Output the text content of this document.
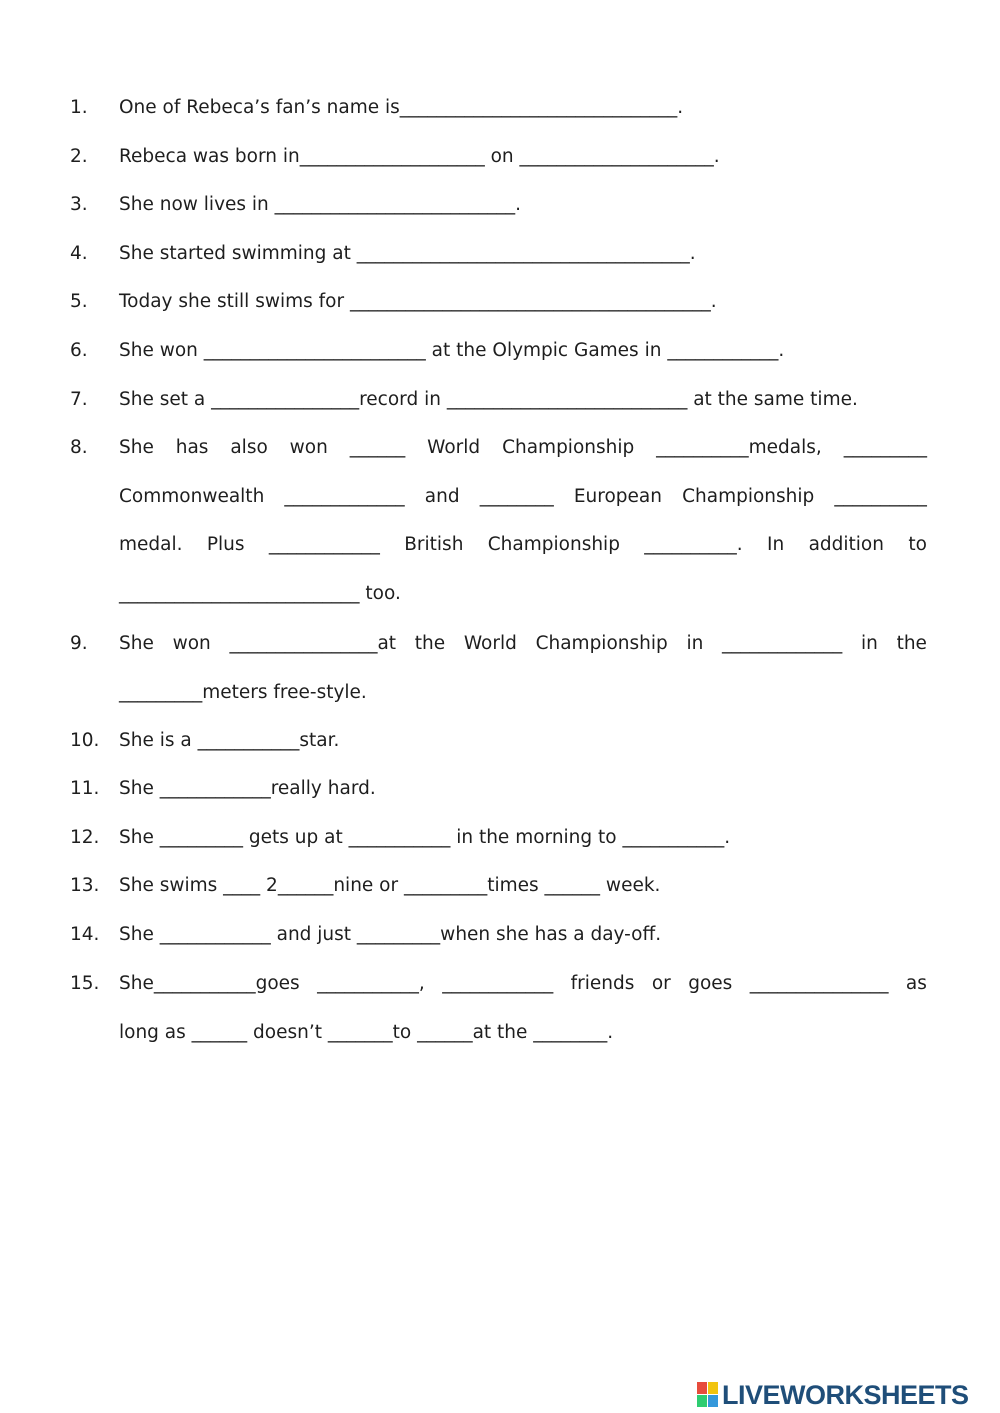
1. One of Rebeca’s fan’s name is______________________________.
2. Rebeca was born in____________________ on _____________________.
3. She now lives in __________________________.
4. She started swimming at ____________________________________.
5. Today she still swims for _______________________________________.
6. She won ________________________ at the Olympic Games in ____________.
7. She set a ________________record in __________________________ at the same time.
8. She has also won ______ World Championship __________medals, _________
Commonwealth _____________ and ________ European Championship __________
medal. Plus ____________ British Championship __________. In addition to
__________________________ too.
9. She won ________________at the World Championship in _____________ in the
_________meters free-style.
10. She is a ___________star.
11. She ____________really hard.
12. She _________ gets up at ___________ in the morning to ___________.
13. She swims ____ 2______nine or _________times ______ week.
14. She ____________ and just _________when she has a day-off.
15. She___________goes ___________, ____________ friends or goes _______________ as
long as ______ doesn’t _______to ______at the ________.
LIVEWORKSHEETS
